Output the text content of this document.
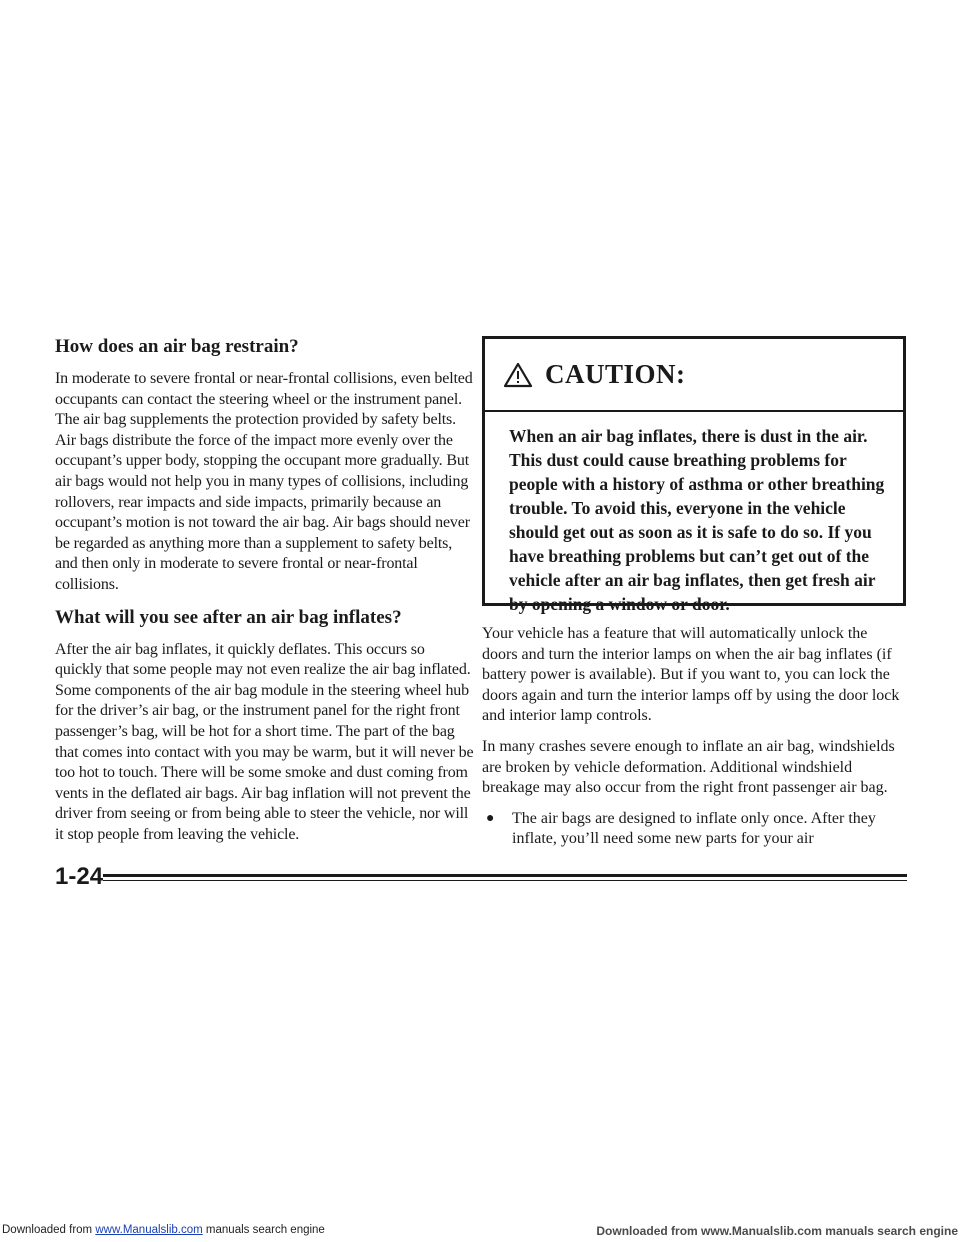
How does an air bag restrain?

In moderate to severe frontal or near-frontal collisions, even belted occupants can contact the steering wheel or the instrument panel. The air bag supplements the protection provided by safety belts. Air bags distribute the force of the impact more evenly over the occupant’s upper body, stopping the occupant more gradually. But air bags would not help you in many types of collisions, including rollovers, rear impacts and side impacts, primarily because an occupant’s motion is not toward the air bag. Air bags should never be regarded as anything more than a supplement to safety belts, and then only in moderate to severe frontal or near-frontal collisions.

What will you see after an air bag inflates?

After the air bag inflates, it quickly deflates. This occurs so quickly that some people may not even realize the air bag inflated. Some components of the air bag module in the steering wheel hub for the driver’s air bag, or the instrument panel for the right front passenger’s bag, will be hot for a short time. The part of the bag that comes into contact with you may be warm, but it will never be too hot to touch. There will be some smoke and dust coming from vents in the deflated air bags. Air bag inflation will not prevent the driver from seeing or from being able to steer the vehicle, nor will it stop people from leaving the vehicle.

CAUTION:
When an air bag inflates, there is dust in the air. This dust could cause breathing problems for people with a history of asthma or other breathing trouble. To avoid this, everyone in the vehicle should get out as soon as it is safe to do so. If you have breathing problems but can’t get out of the vehicle after an air bag inflates, then get fresh air by opening a window or door.

Your vehicle has a feature that will automatically unlock the doors and turn the interior lamps on when the air bag inflates (if battery power is available). But if you want to, you can lock the doors again and turn the interior lamps off by using the door lock and interior lamp controls.

In many crashes severe enough to inflate an air bag, windshields are broken by vehicle deformation. Additional windshield breakage may also occur from the right front passenger air bag.

●	The air bags are designed to inflate only once. After they inflate, you’ll need some new parts for your air
1-24
Downloaded from www.Manualslib.com manuals search engine	Downloaded from www.Manualslib.com manuals search engine
